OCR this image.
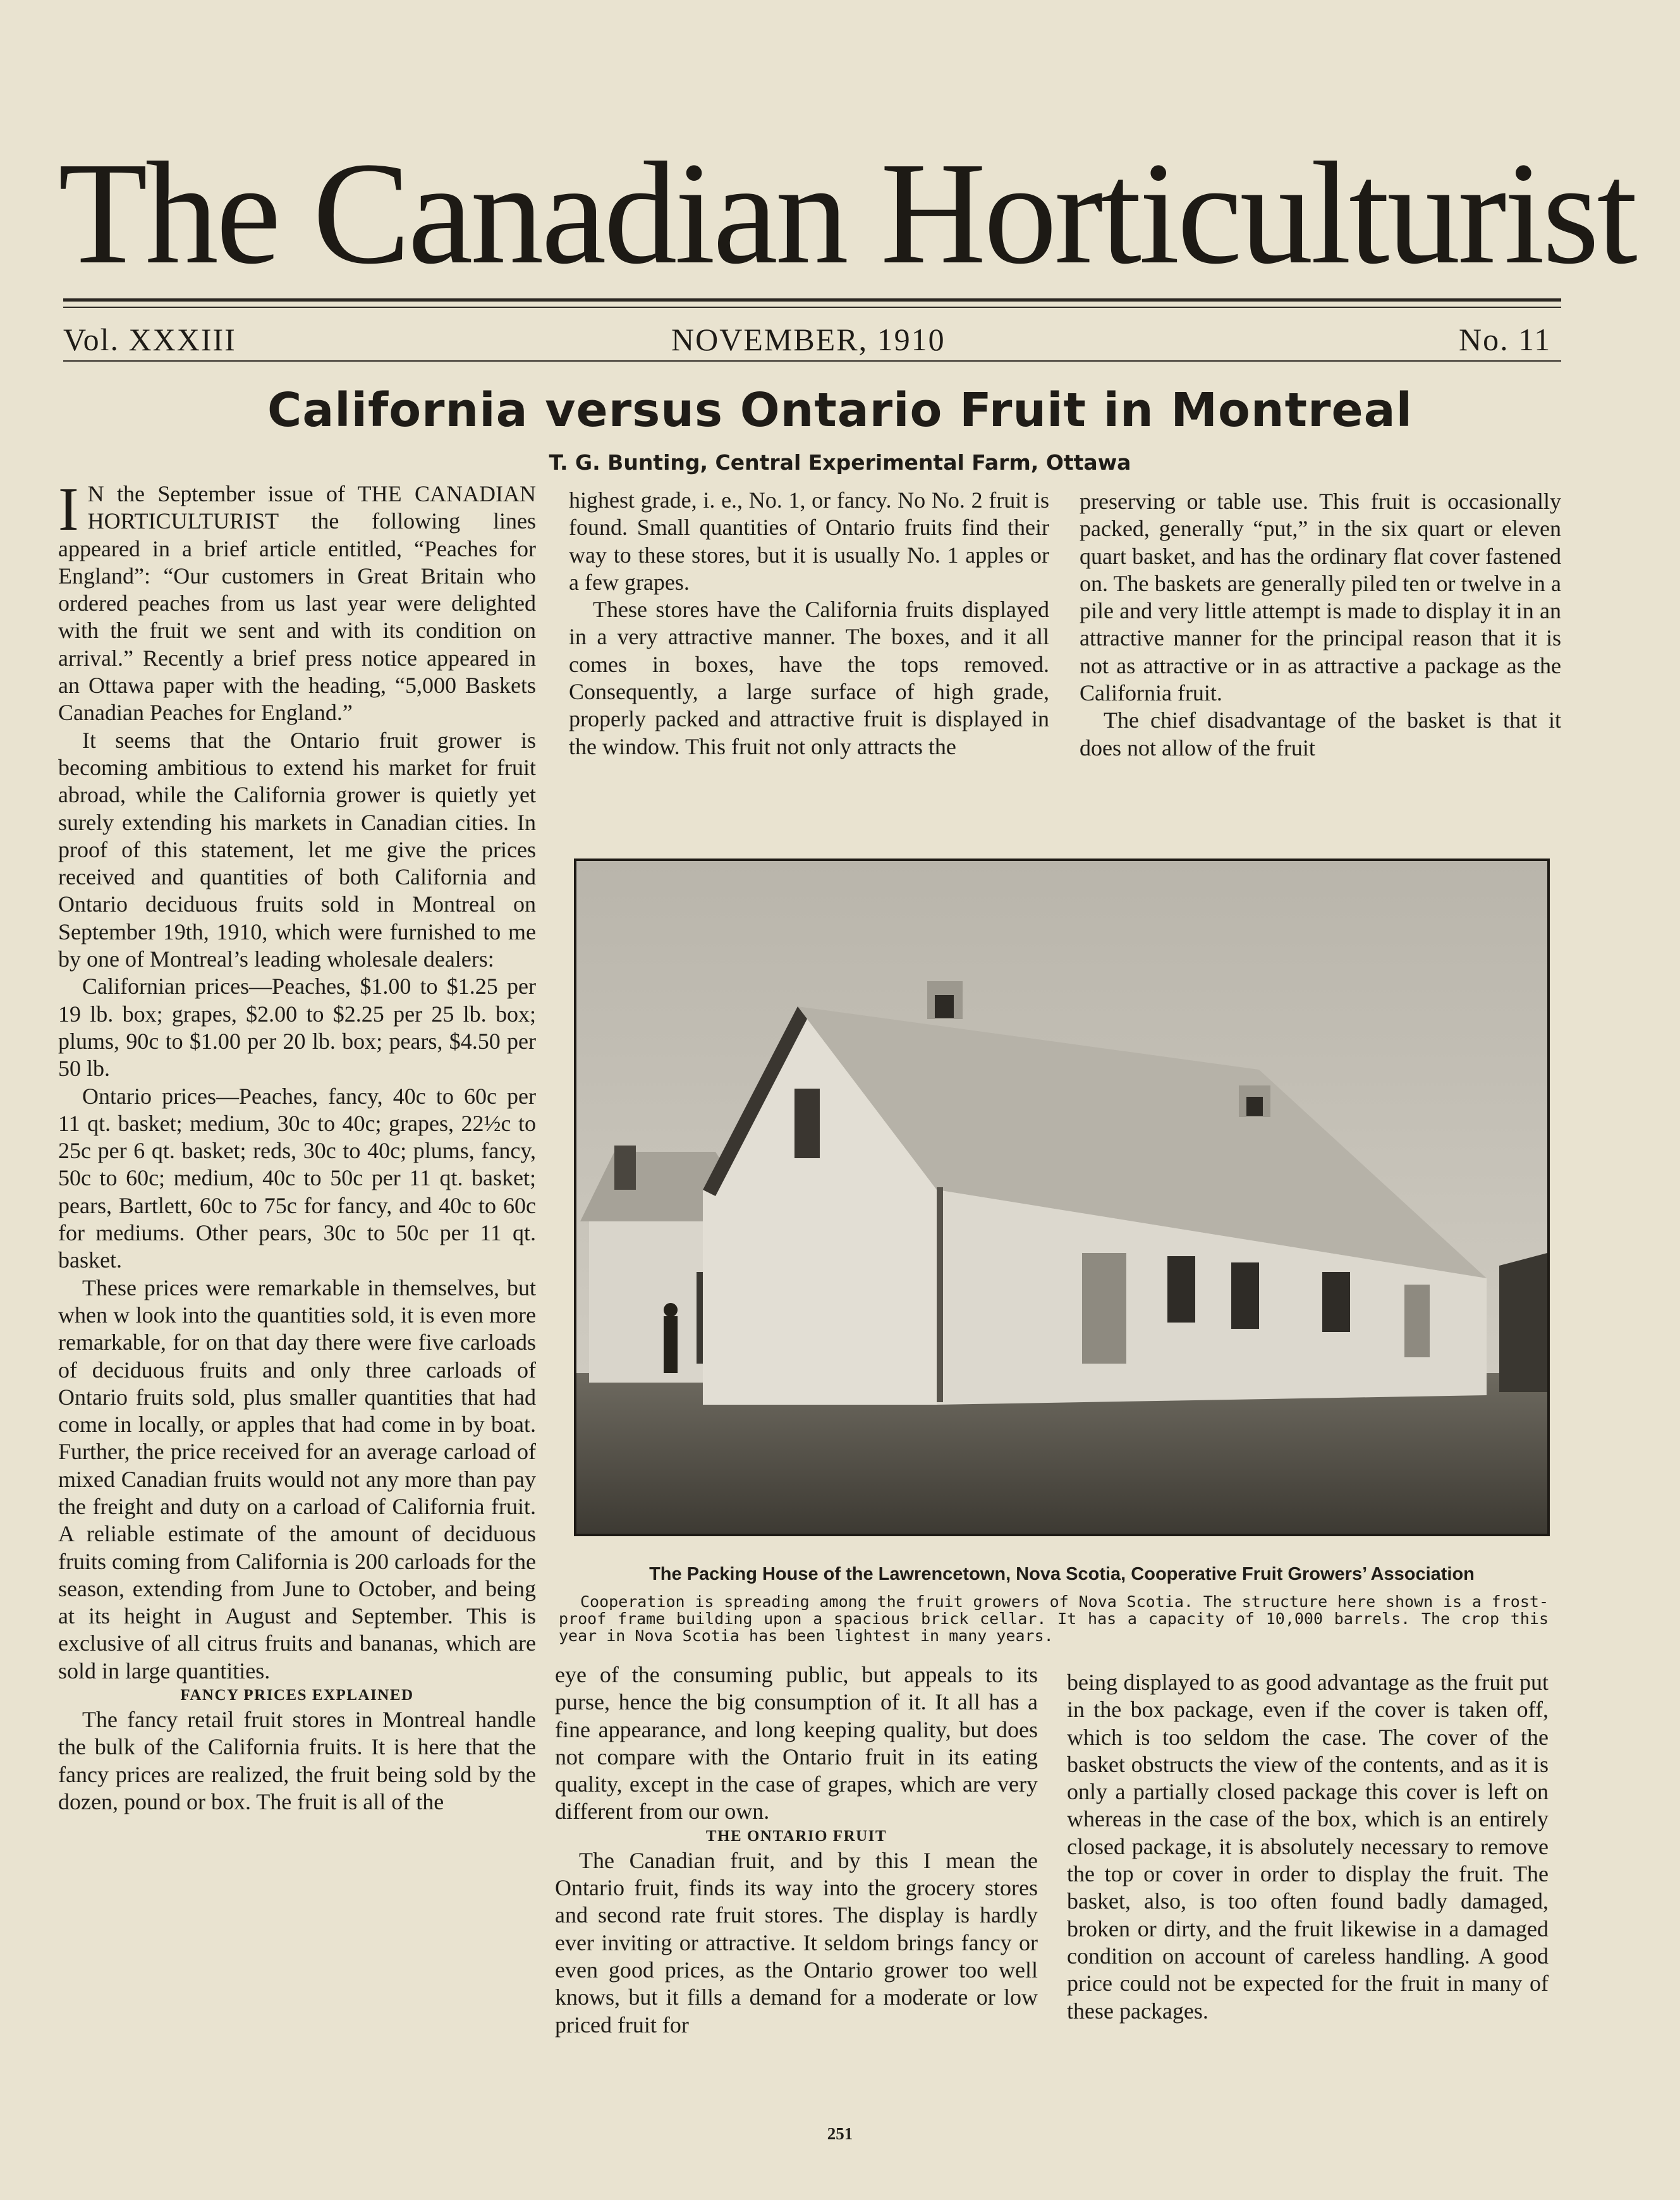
The Canadian Horticulturist
Vol. XXXIII	NOVEMBER, 1910	No. 11
California versus Ontario Fruit in Montreal
T. G. Bunting, Central Experimental Farm, Ottawa

I N the September issue of THE CANADIAN HORTICULTURIST the following lines appeared in a brief article entitled, “Peaches for England”: “Our customers in Great Britain who ordered peaches from us last year were delighted with the fruit we sent and with its condition on arrival.” Recently a brief press notice appeared in an Ottawa paper with the heading, “5,000 Baskets Canadian Peaches for England.”

It seems that the Ontario fruit grower is becoming ambitious to extend his market for fruit abroad, while the California grower is quietly yet surely extending his markets in Canadian cities. In proof of this statement, let me give the prices received and quantities of both California and Ontario deciduous fruits sold in Montreal on September 19th, 1910, which were furnished to me by one of Montreal’s leading wholesale dealers:

Californian prices—Peaches, $1.00 to $1.25 per 19 lb. box; grapes, $2.00 to $2.25 per 25 lb. box; plums, 90c to $1.00 per 20 lb. box; pears, $4.50 per 50 lb.

Ontario prices—Peaches, fancy, 40c to 60c per 11 qt. basket; medium, 30c to 40c; grapes, 22½c to 25c per 6 qt. basket; reds, 30c to 40c; plums, fancy, 50c to 60c; medium, 40c to 50c per 11 qt. basket; pears, Bartlett, 60c to 75c for fancy, and 40c to 60c for mediums. Other pears, 30c to 50c per 11 qt. basket.

These prices were remarkable in themselves, but when w look into the quantities sold, it is even more remarkable, for on that day there were five carloads of deciduous fruits and only three carloads of Ontario fruits sold, plus smaller quantities that had come in locally, or apples that had come in by boat. Further, the price received for an average carload of mixed Canadian fruits would not any more than pay the freight and duty on a carload of California fruit. A reliable estimate of the amount of deciduous fruits coming from California is 200 carloads for the season, extending from June to October, and being at its height in August and September. This is exclusive of all citrus fruits and bananas, which are sold in large quantities.

FANCY PRICES EXPLAINED

The fancy retail fruit stores in Montreal handle the bulk of the California fruits. It is here that the fancy prices are realized, the fruit being sold by the dozen, pound or box. The fruit is all of the

highest grade, i. e., No. 1, or fancy. No No. 2 fruit is found. Small quantities of Ontario fruits find their way to these stores, but it is usually No. 1 apples or a few grapes.

These stores have the California fruits displayed in a very attractive manner. The boxes, and it all comes in boxes, have the tops removed. Consequently, a large surface of high grade, properly packed and attractive fruit is displayed in the window. This fruit not only attracts the

preserving or table use. This fruit is occasionally packed, generally “put,” in the six quart or eleven quart basket, and has the ordinary flat cover fastened on. The baskets are generally piled ten or twelve in a pile and very little attempt is made to display it in an attractive manner for the principal reason that it is not as attractive or in as attractive a package as the California fruit.

The chief disadvantage of the basket is that it does not allow of the fruit

The Packing House of the Lawrencetown, Nova Scotia, Cooperative Fruit Growers’ Association
Cooperation is spreading among the fruit growers of Nova Scotia. The structure here shown is a frost-proof frame building upon a spacious brick cellar. It has a capacity of 10,000 barrels. The crop this year in Nova Scotia has been lightest in many years.

eye of the consuming public, but appeals to its purse, hence the big consumption of it. It all has a fine appearance, and long keeping quality, but does not compare with the Ontario fruit in its eating quality, except in the case of grapes, which are very different from our own.

THE ONTARIO FRUIT

The Canadian fruit, and by this I mean the Ontario fruit, finds its way into the grocery stores and second rate fruit stores. The display is hardly ever inviting or attractive. It seldom brings fancy or even good prices, as the Ontario grower too well knows, but it fills a demand for a moderate or low priced fruit for

being displayed to as good advantage as the fruit put in the box package, even if the cover is taken off, which is too seldom the case. The cover of the basket obstructs the view of the contents, and as it is only a partially closed package this cover is left on whereas in the case of the box, which is an entirely closed package, it is absolutely necessary to remove the top or cover in order to display the fruit. The basket, also, is too often found badly damaged, broken or dirty, and the fruit likewise in a damaged condition on account of careless handling. A good price could not be expected for the fruit in many of these packages.

251
